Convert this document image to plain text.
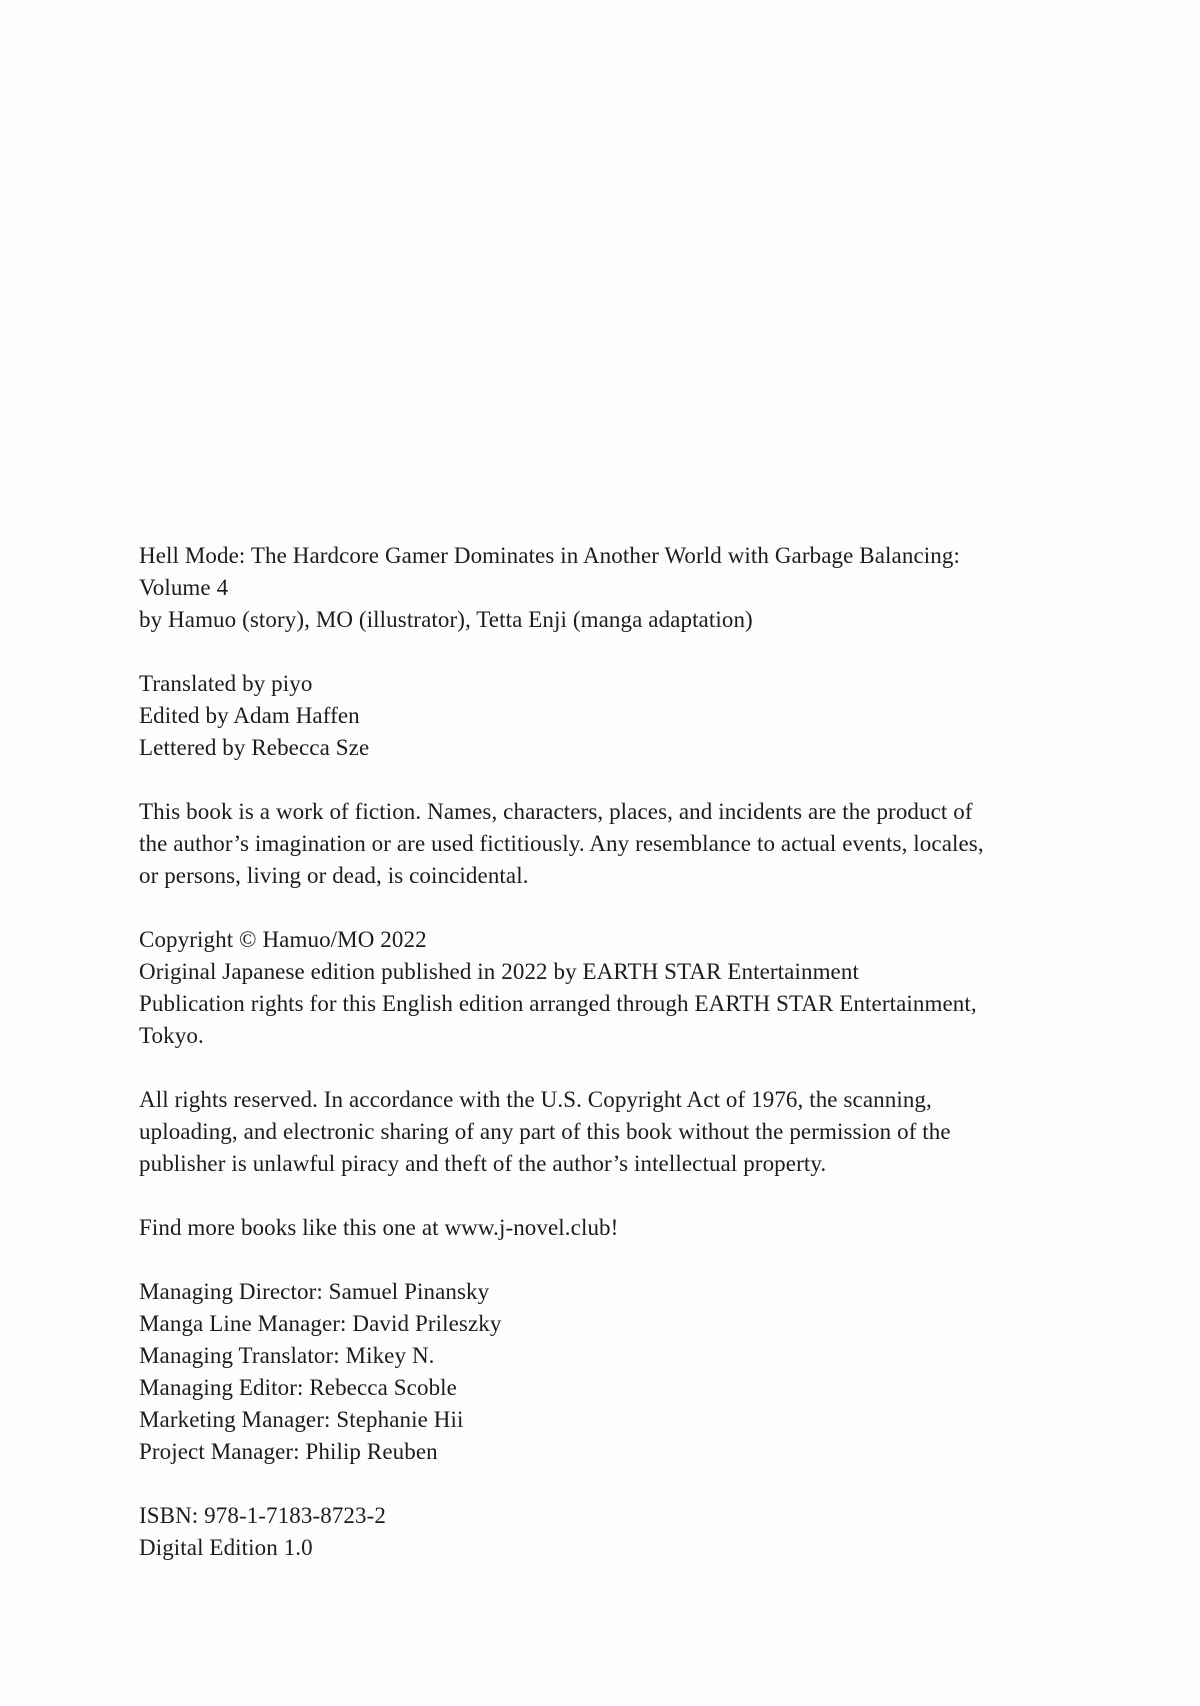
Hell Mode: The Hardcore Gamer Dominates in Another World with Garbage Balancing:
Volume 4
by Hamuo (story), MO (illustrator), Tetta Enji (manga adaptation)

Translated by piyo
Edited by Adam Haffen
Lettered by Rebecca Sze

This book is a work of fiction. Names, characters, places, and incidents are the product of
the author’s imagination or are used fictitiously. Any resemblance to actual events, locales,
or persons, living or dead, is coincidental.

Copyright © Hamuo/MO 2022
Original Japanese edition published in 2022 by EARTH STAR Entertainment
Publication rights for this English edition arranged through EARTH STAR Entertainment,
Tokyo.

All rights reserved. In accordance with the U.S. Copyright Act of 1976, the scanning,
uploading, and electronic sharing of any part of this book without the permission of the
publisher is unlawful piracy and theft of the author’s intellectual property.

Find more books like this one at www.j-novel.club!

Managing Director: Samuel Pinansky
Manga Line Manager: David Prileszky
Managing Translator: Mikey N.
Managing Editor: Rebecca Scoble
Marketing Manager: Stephanie Hii
Project Manager: Philip Reuben

ISBN: 978-1-7183-8723-2
Digital Edition 1.0
